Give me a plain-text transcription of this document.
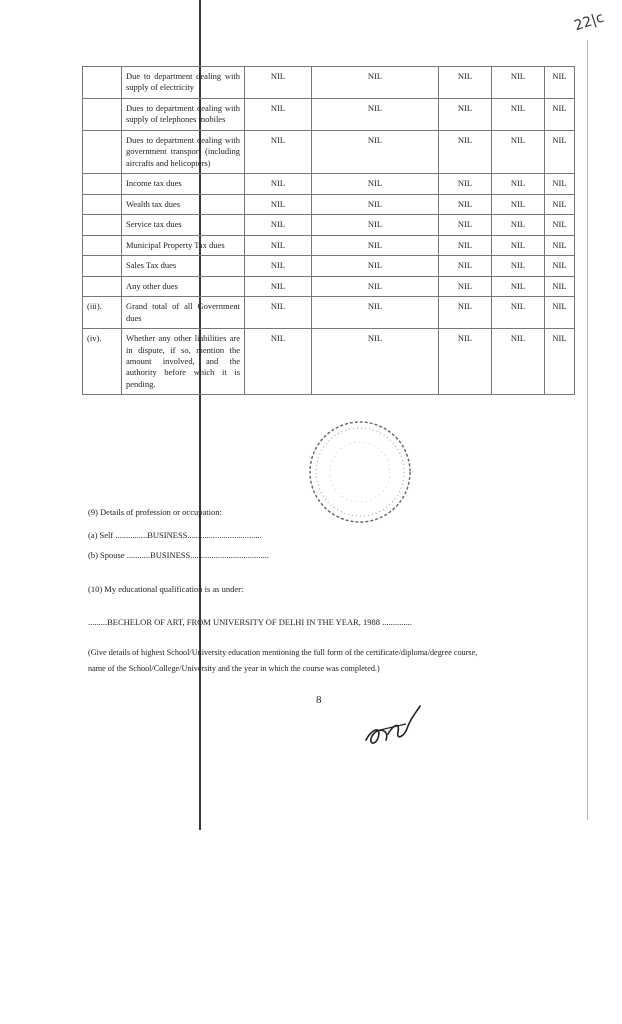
22|c

	Due to department dealing with supply of electricity	NIL	NIL	NIL	NIL	NIL

	Dues to department dealing with supply of telephones mobiles	NIL	NIL	NIL	NIL	NIL

	Dues to department dealing with government transport (including aircrafts and helicopters)	NIL	NIL	NIL	NIL	NIL

	Income tax dues	NIL	NIL	NIL	NIL	NIL

	Wealth tax dues	NIL	NIL	NIL	NIL	NIL

	Service tax dues	NIL	NIL	NIL	NIL	NIL

	Municipal Property Tax dues	NIL	NIL	NIL	NIL	NIL

	Sales Tax dues	NIL	NIL	NIL	NIL	NIL

	Any other dues	NIL	NIL	NIL	NIL	NIL
(iii).	Grand total of all Government dues	NIL	NIL	NIL	NIL	NIL
(iv).	Whether any other liabilities are in dispute, if so, mention the amount involved, and the authority before which it is pending.	NIL	NIL	NIL	NIL	NIL
(9) Details of profession or occupation:
(a) Self ...............BUSINESS...................................
(b) Spouse ...........BUSINESS.....................................
(10) My educational qualification is as under:
.........BECHELOR OF ART, FROM UNIVERSITY OF DELHI IN THE YEAR, 1988 ..............
(Give details of highest School/University education mentioning the full form of the certificate/diploma/degree course,
name of the School/College/University and the year in which the course was completed.)
8
